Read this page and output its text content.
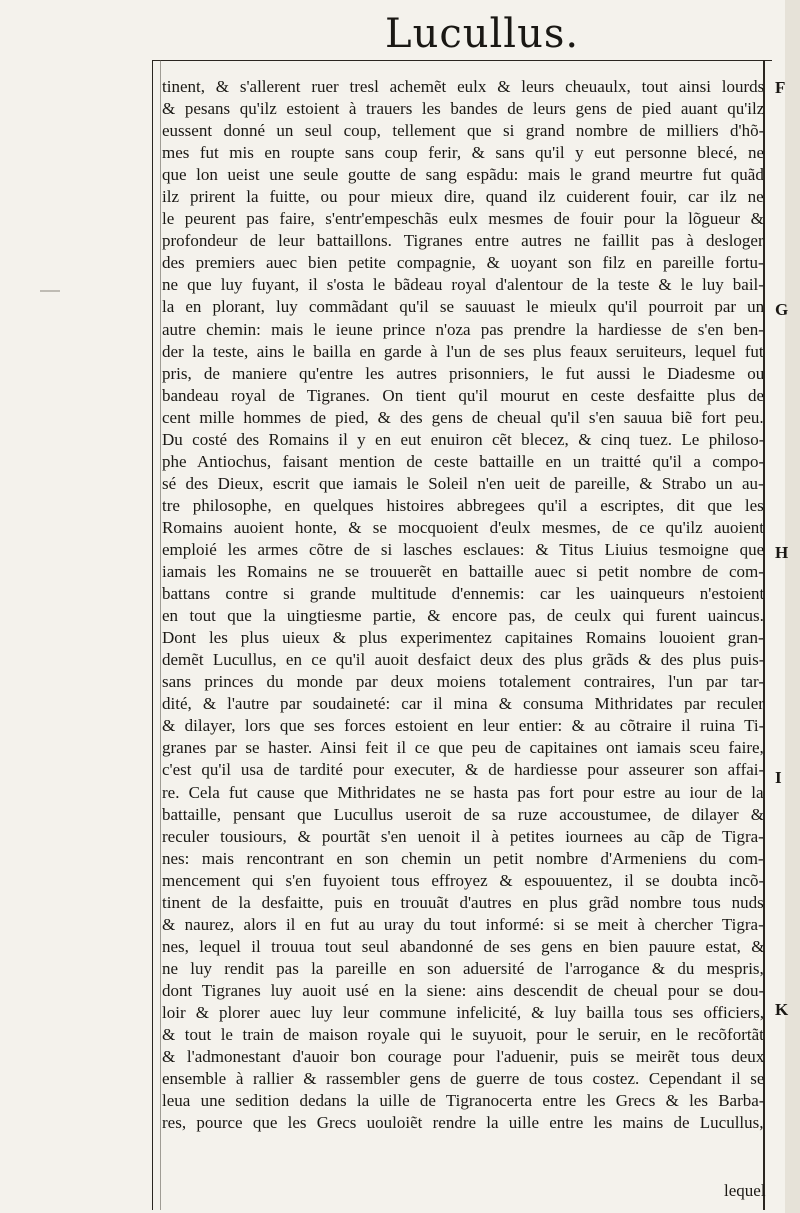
Lucullus.
tinent, & s'allerent ruer tresl achemẽt eulx & leurs cheuaulx, tout ainsi lourds
& pesans qu'ilz estoient à trauers les bandes de leurs gens de pied auant qu'ilz
eussent donné un seul coup, tellement que si grand nombre de milliers d'hõ-
mes fut mis en roupte sans coup ferir, & sans qu'il y eut personne blecé, ne
que lon ueist une seule goutte de sang espãdu: mais le grand meurtre fut quãd
ilz prirent la fuitte, ou pour mieux dire, quand ilz cuiderent fouir, car ilz ne
le peurent pas faire, s'entr'empeschãs eulx mesmes de fouir pour la lõgueur &
profondeur de leur battaillons. Tigranes entre autres ne faillit pas à desloger
des premiers auec bien petite compagnie, & uoyant son filz en pareille fortu-
ne que luy fuyant, il s'osta le bãdeau royal d'alentour de la teste & le luy bail-
la en plorant, luy commãdant qu'il se sauuast le mieulx qu'il pourroit par un
autre chemin: mais le ieune prince n'oza pas prendre la hardiesse de s'en ben-
der la teste, ains le bailla en garde à l'un de ses plus feaux seruiteurs, lequel fut
pris, de maniere qu'entre les autres prisonniers, le fut aussi le Diadesme ou
bandeau royal de Tigranes. On tient qu'il mourut en ceste desfaitte plus de
cent mille hommes de pied, & des gens de cheual qu'il s'en sauua biẽ fort peu.
Du costé des Romains il y en eut enuiron cẽt blecez, & cinq tuez. Le philoso-
phe Antiochus, faisant mention de ceste battaille en un traitté qu'il a compo-
sé des Dieux, escrit que iamais le Soleil n'en ueit de pareille, & Strabo un au-
tre philosophe, en quelques histoires abbregees qu'il a escriptes, dit que les
Romains auoient honte, & se mocquoient d'eulx mesmes, de ce qu'ilz auoient
emploié les armes cõtre de si lasches esclaues: & Titus Liuius tesmoigne que
iamais les Romains ne se trouuerẽt en battaille auec si petit nombre de com-
battans contre si grande multitude d'ennemis: car les uainqueurs n'estoient
en tout que la uingtiesme partie, & encore pas, de ceulx qui furent uaincus.
Dont les plus uieux & plus experimentez capitaines Romains louoient gran-
demẽt Lucullus, en ce qu'il auoit desfaict deux des plus grãds & des plus puis-
sans princes du monde par deux moiens totalement contraires, l'un par tar-
dité, & l'autre par soudaineté: car il mina & consuma Mithridates par reculer
& dilayer, lors que ses forces estoient en leur entier: & au cõtraire il ruina Ti-
granes par se haster. Ainsi feit il ce que peu de capitaines ont iamais sceu faire,
c'est qu'il usa de tardité pour executer, & de hardiesse pour asseurer son affai-
re. Cela fut cause que Mithridates ne se hasta pas fort pour estre au iour de la
battaille, pensant que Lucullus useroit de sa ruze accoustumee, de dilayer &
reculer tousiours, & pourtãt s'en uenoit il à petites iournees au cãp de Tigra-
nes: mais rencontrant en son chemin un petit nombre d'Armeniens du com-
mencement qui s'en fuyoient tous effroyez & espouuentez, il se doubta incõ-
tinent de la desfaitte, puis en trouuãt d'autres en plus grãd nombre tous nuds
& naurez, alors il en fut au uray du tout informé: si se meit à chercher Tigra-
nes, lequel il trouua tout seul abandonné de ses gens en bien pauure estat, &
ne luy rendit pas la pareille en son aduersité de l'arrogance & du mespris,
dont Tigranes luy auoit usé en la siene: ains descendit de cheual pour se dou-
loir & plorer auec luy leur commune infelicité, & luy bailla tous ses officiers,
& tout le train de maison royale qui le suyuoit, pour le seruir, en le recõfortãt
& l'admonestant d'auoir bon courage pour l'aduenir, puis se meirẽt tous deux
ensemble à rallier & rassembler gens de guerre de tous costez. Cependant il se
leua une sedition dedans la uille de Tigranocerta entre les Grecs & les Barba-
res, pource que les Grecs uouloiẽt rendre la uille entre les mains de Lucullus,
lequel
F
G
H
I
K
